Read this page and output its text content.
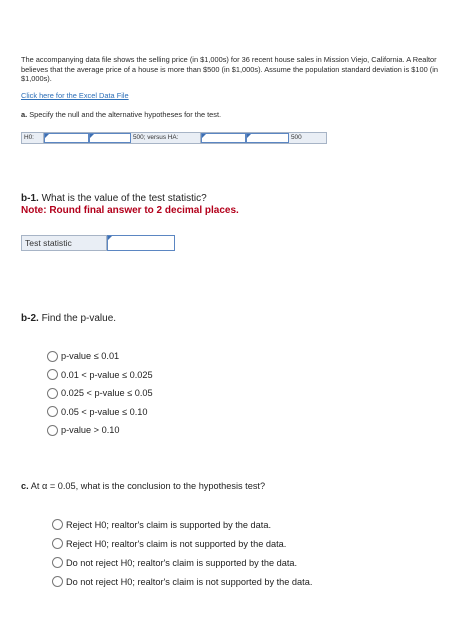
The accompanying data file shows the selling price (in $1,000s) for 36 recent house sales in Mission Viejo, California. A Realtor believes that the average price of a house is more than $500 (in $1,000s). Assume the population standard deviation is $100 (in $1,000s).
Click here for the Excel Data File
a. Specify the null and the alternative hypotheses for the test.
H0:	500; versus HA:	500
b-1. What is the value of the test statistic?
Note: Round final answer to 2 decimal places.
Test statistic
b-2. Find the p-value.
p-value ≤ 0.01
0.01 < p-value ≤ 0.025
0.025 < p-value ≤ 0.05
0.05 < p-value ≤ 0.10
p-value > 0.10
c. At α = 0.05, what is the conclusion to the hypothesis test?
Reject H0; realtor's claim is supported by the data.
Reject H0; realtor's claim is not supported by the data.
Do not reject H0; realtor's claim is supported by the data.
Do not reject H0; realtor's claim is not supported by the data.
